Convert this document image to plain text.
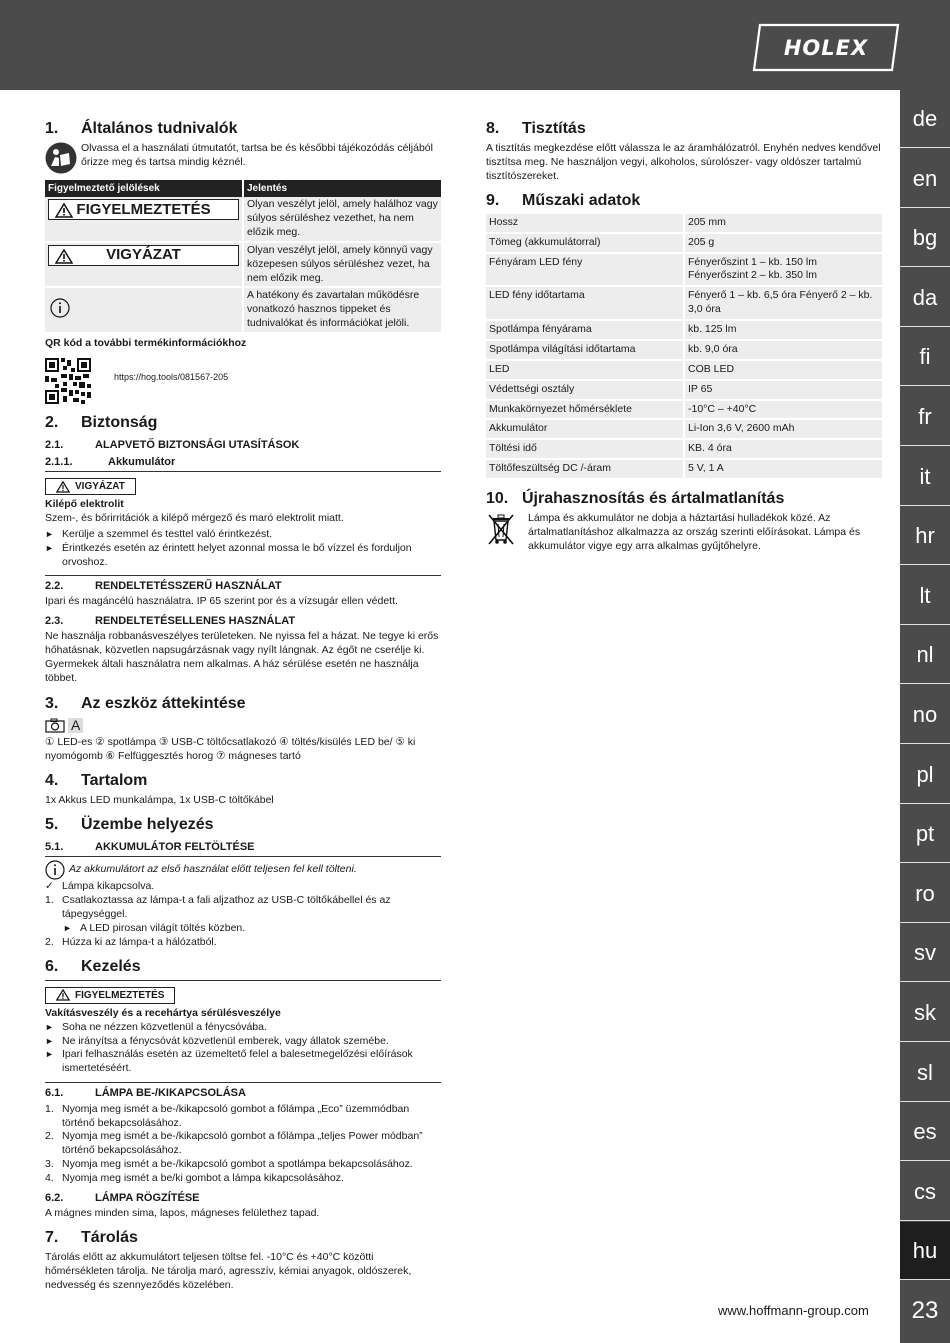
HOLEX
de
en
bg
da
fi
fr
it
hr
lt
nl
no
pl
pt
ro
sv
sk
sl
es
cs
hu
23
1.	Általános tudnivalók

Olvassa el a használati útmutatót, tartsa be és későbbi tájékozódás céljából őrizze meg és tartsa mindig kéznél.

Figyelmeztető jelölések	Jelentés

FIGYELMEZTETÉS	Olyan veszélyt jelöl, amely halálhoz vagy súlyos sérüléshez vezethet, ha nem előzik meg.

VIGYÁZAT	Olyan veszélyt jelöl, amely könnyű vagy közepesen súlyos sérüléshez vezet, ha nem előzik meg.
	A hatékony és zavartalan működésre vonatkozó hasznos tippeket és tudnivalókat és információkat jelöli.

QR kód a további termékinformációkhoz

https://hog.tools/081567-205
2.	Biztonság
2.1.	ALAPVETŐ BIZTONSÁGI UTASÍTÁSOK
2.1.1.	Akkumulátor
VIGYÁZAT

Kilépő elektrolit

Szem-, és bőrirritációk a kilépő mérgező és maró elektrolit miatt.

► Kerülje a szemmel és testtel való érintkezést.
► Érintkezés esetén az érintett helyet azonnal mossa le bő vízzel és forduljon orvoshoz.
2.2.	RENDELTETÉSSZERŰ HASZNÁLAT

Ipari és magáncélú használatra. IP 65 szerint por és a vízsugár ellen védett.

2.3.	RENDELTETÉSELLENES HASZNÁLAT

Ne használja robbanásveszélyes területeken. Ne nyissa fel a házat. Ne tegye ki erős hőhatásnak, közvetlen napsugárzásnak vagy nyílt lángnak. Az égőt ne cserélje ki. Gyermekek általi használatra nem alkalmas. A ház sérülése esetén ne használja többet.

3.	Az eszköz áttekintése
A

① LED-es ② spotlámpa ③ USB-C töltőcsatlakozó ④ töltés/kisülés LED be/ ⑤ ki nyomógomb ⑥ Felfüggesztés horog ⑦ mágneses tartó

4.	Tartalom

1x Akkus LED munkalámpa, 1x USB-C töltőkábel

5.	Üzembe helyezés
5.1.	AKKUMULÁTOR FELTÖLTÉSE

Az akkumulátort az első használat előtt teljesen fel kell tölteni.

✓ Lámpa kikapcsolva.
1. Csatlakoztassa az lámpa-t a fali aljzathoz az USB-C töltőkábellel és az tápegységgel.
► A LED pirosan világít töltés közben.
2. Húzza ki az lámpa-t a hálózatból.
6.	Kezelés
FIGYELMEZTETÉS

Vakításveszély és a recehártya sérülésveszélye

► Soha ne nézzen közvetlenül a fénycsóvába.
► Ne irányítsa a fénycsóvát közvetlenül emberek, vagy állatok szemébe.
► Ipari felhasználás esetén az üzemeltető felel a balesetmegelőzési előírások ismertetéséért.
6.1.	LÁMPA BE-/KIKAPCSOLÁSA
1. Nyomja meg ismét a be-/kikapcsoló gombot a főlámpa „Eco” üzemmódban történő bekapcsolásához.
2. Nyomja meg ismét a be-/kikapcsoló gombot a főlámpa „teljes Power módban” történő bekapcsolásához.
3. Nyomja meg ismét a be-/kikapcsoló gombot a spotlámpa bekapcsolásához.
4. Nyomja meg ismét a be/ki gombot a lámpa kikapcsolásához.
6.2.	LÁMPA RÖGZÍTÉSE

A mágnes minden sima, lapos, mágneses felülethez tapad.

7.	Tárolás

Tárolás előtt az akkumulátort teljesen töltse fel. -10°C és +40°C közötti hőmérsékleten tárolja. Ne tárolja maró, agresszív, kémiai anyagok, oldószerek, nedvesség és szennyeződés közelében.

8.	Tisztítás

A tisztítás megkezdése előtt válassza le az áramhálózatról. Enyhén nedves kendővel tisztítsa meg. Ne használjon vegyi, alkoholos, súrolószer- vagy oldószer tartalmú tisztítószereket.

9.	Műszaki adatok
Hossz	205 mm
Tömeg (akkumulátorral)	205 g
Fényáram LED fény	Fényerőszint 1 – kb. 150 lm
Fényerőszint 2 – kb. 350 lm
LED fény időtartama	Fényerő 1 – kb. 6,5 óra Fényerő 2 – kb. 3,0 óra
Spotlámpa fényárama	kb. 125 lm
Spotlámpa világítási időtartama	kb. 9,0 óra
LED	COB LED
Védettségi osztály	IP 65
Munkakörnyezet hőmérséklete	-10°C – +40°C
Akkumulátor	Li-Ion 3,6 V, 2600 mAh
Töltési idő	KB. 4 óra
Töltőfeszültség DC /-áram	5 V, 1 A
10. Újrahasznosítás és ártalmatlanítás

Lámpa és akkumulátor ne dobja a háztartási hulladékok közé. Az ártalmatlanításhoz alkalmazza az ország szerinti előírásokat. Lámpa és akkumulátor vigye egy arra alkalmas gyűjtőhelyre.

www.hoffmann-group.com
